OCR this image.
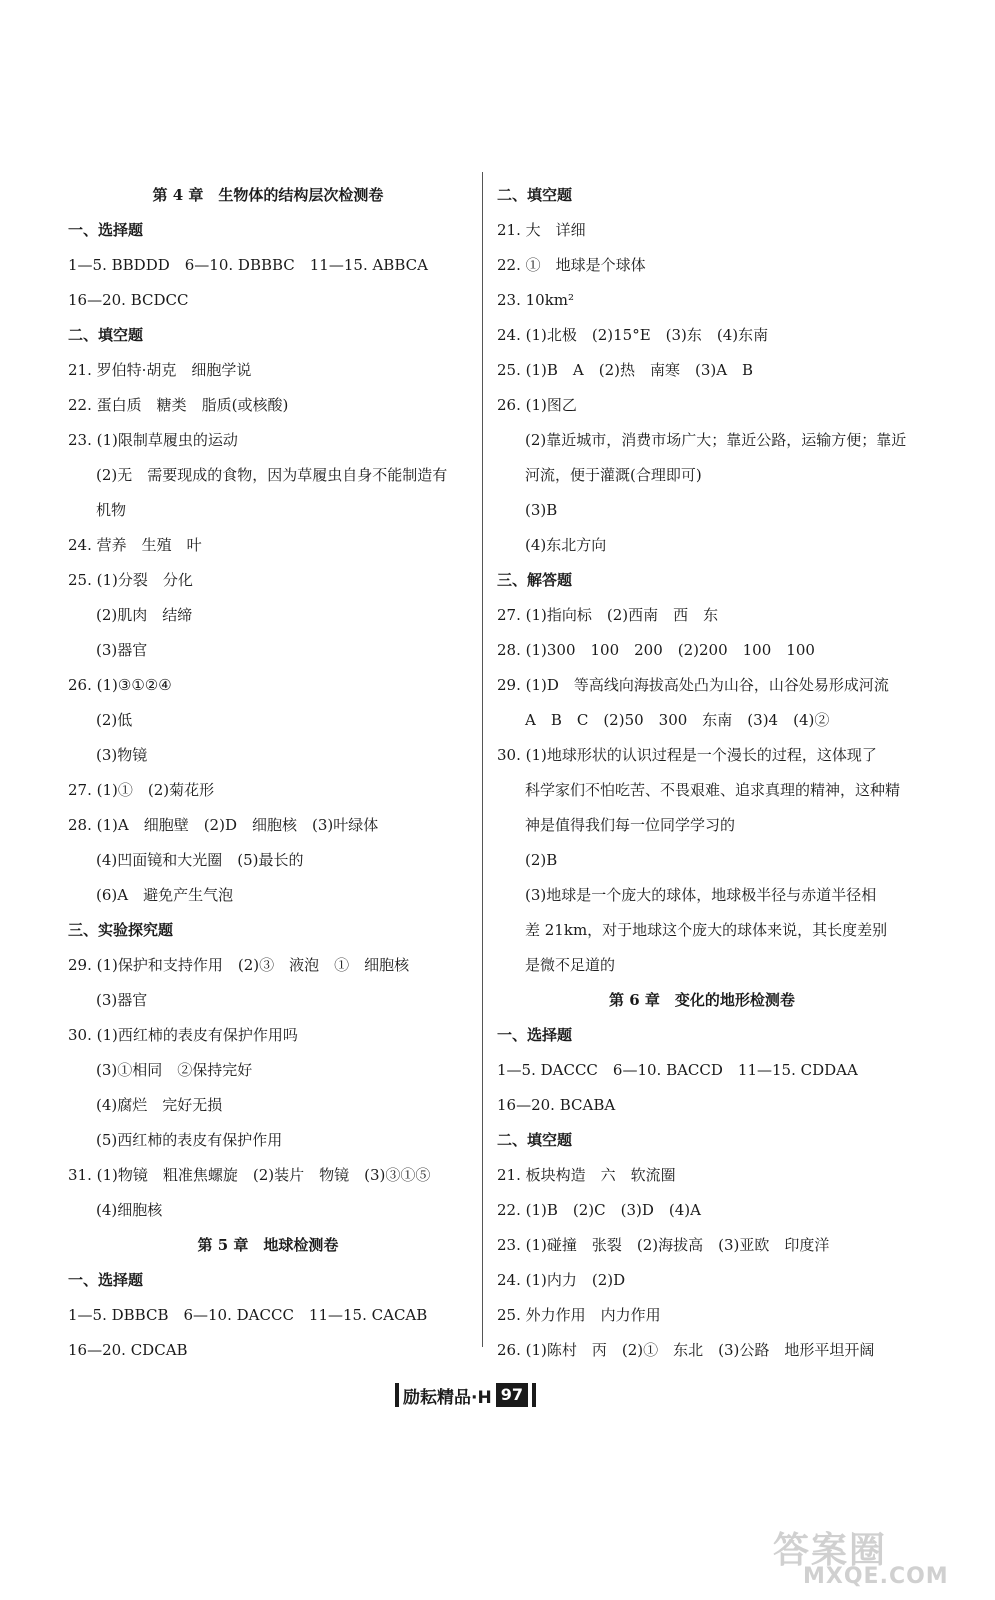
第 4 章　生物体的结构层次检测卷
一、选择题
1—5. BBDDD　6—10. DBBBC　11—15. ABBCA
16—20. BCDCC
二、填空题
21. 罗伯特·胡克　细胞学说
22. 蛋白质　糖类　脂质(或核酸)
23. (1)限制草履虫的运动
(2)无　需要现成的食物，因为草履虫自身不能制造有
机物
24. 营养　生殖　叶
25. (1)分裂　分化
(2)肌肉　结缔
(3)器官
26. (1)③①②④
(2)低
(3)物镜
27. (1)①　(2)菊花形
28. (1)A　细胞壁　(2)D　细胞核　(3)叶绿体
(4)凹面镜和大光圈　(5)最长的
(6)A　避免产生气泡
三、实验探究题
29. (1)保护和支持作用　(2)③　液泡　①　细胞核
(3)器官
30. (1)西红柿的表皮有保护作用吗
(3)①相同　②保持完好
(4)腐烂　完好无损
(5)西红柿的表皮有保护作用
31. (1)物镜　粗准焦螺旋　(2)装片　物镜　(3)③①⑤
(4)细胞核
第 5 章　地球检测卷
一、选择题
1—5. DBBCB　6—10. DACCC　11—15. CACAB
16—20. CDCAB
二、填空题
21. 大　详细
22. ①　地球是个球体
23. 10km²
24. (1)北极　(2)15°E　(3)东　(4)东南
25. (1)B　A　(2)热　南寒　(3)A　B
26. (1)图乙
(2)靠近城市，消费市场广大；靠近公路，运输方便；靠近
河流，便于灌溉(合理即可)
(3)B
(4)东北方向
三、解答题
27. (1)指向标　(2)西南　西　东
28. (1)300　100　200　(2)200　100　100
29. (1)D　等高线向海拔高处凸为山谷，山谷处易形成河流
A　B　C　(2)50　300　东南　(3)4　(4)②
30. (1)地球形状的认识过程是一个漫长的过程，这体现了
科学家们不怕吃苦、不畏艰难、追求真理的精神，这种精
神是值得我们每一位同学学习的
(2)B
(3)地球是一个庞大的球体，地球极半径与赤道半径相
差 21km，对于地球这个庞大的球体来说，其长度差别
是微不足道的
第 6 章　变化的地形检测卷
一、选择题
1—5. DACCC　6—10. BACCD　11—15. CDDAA
16—20. BCABA
二、填空题
21. 板块构造　六　软流圈
22. (1)B　(2)C　(3)D　(4)A
23. (1)碰撞　张裂　(2)海拔高　(3)亚欧　印度洋
24. (1)内力　(2)D
25. 外力作用　内力作用
26. (1)陈村　丙　(2)①　东北　(3)公路　地形平坦开阔
励耘精品·H 97
答案圈
MXQE.COM
